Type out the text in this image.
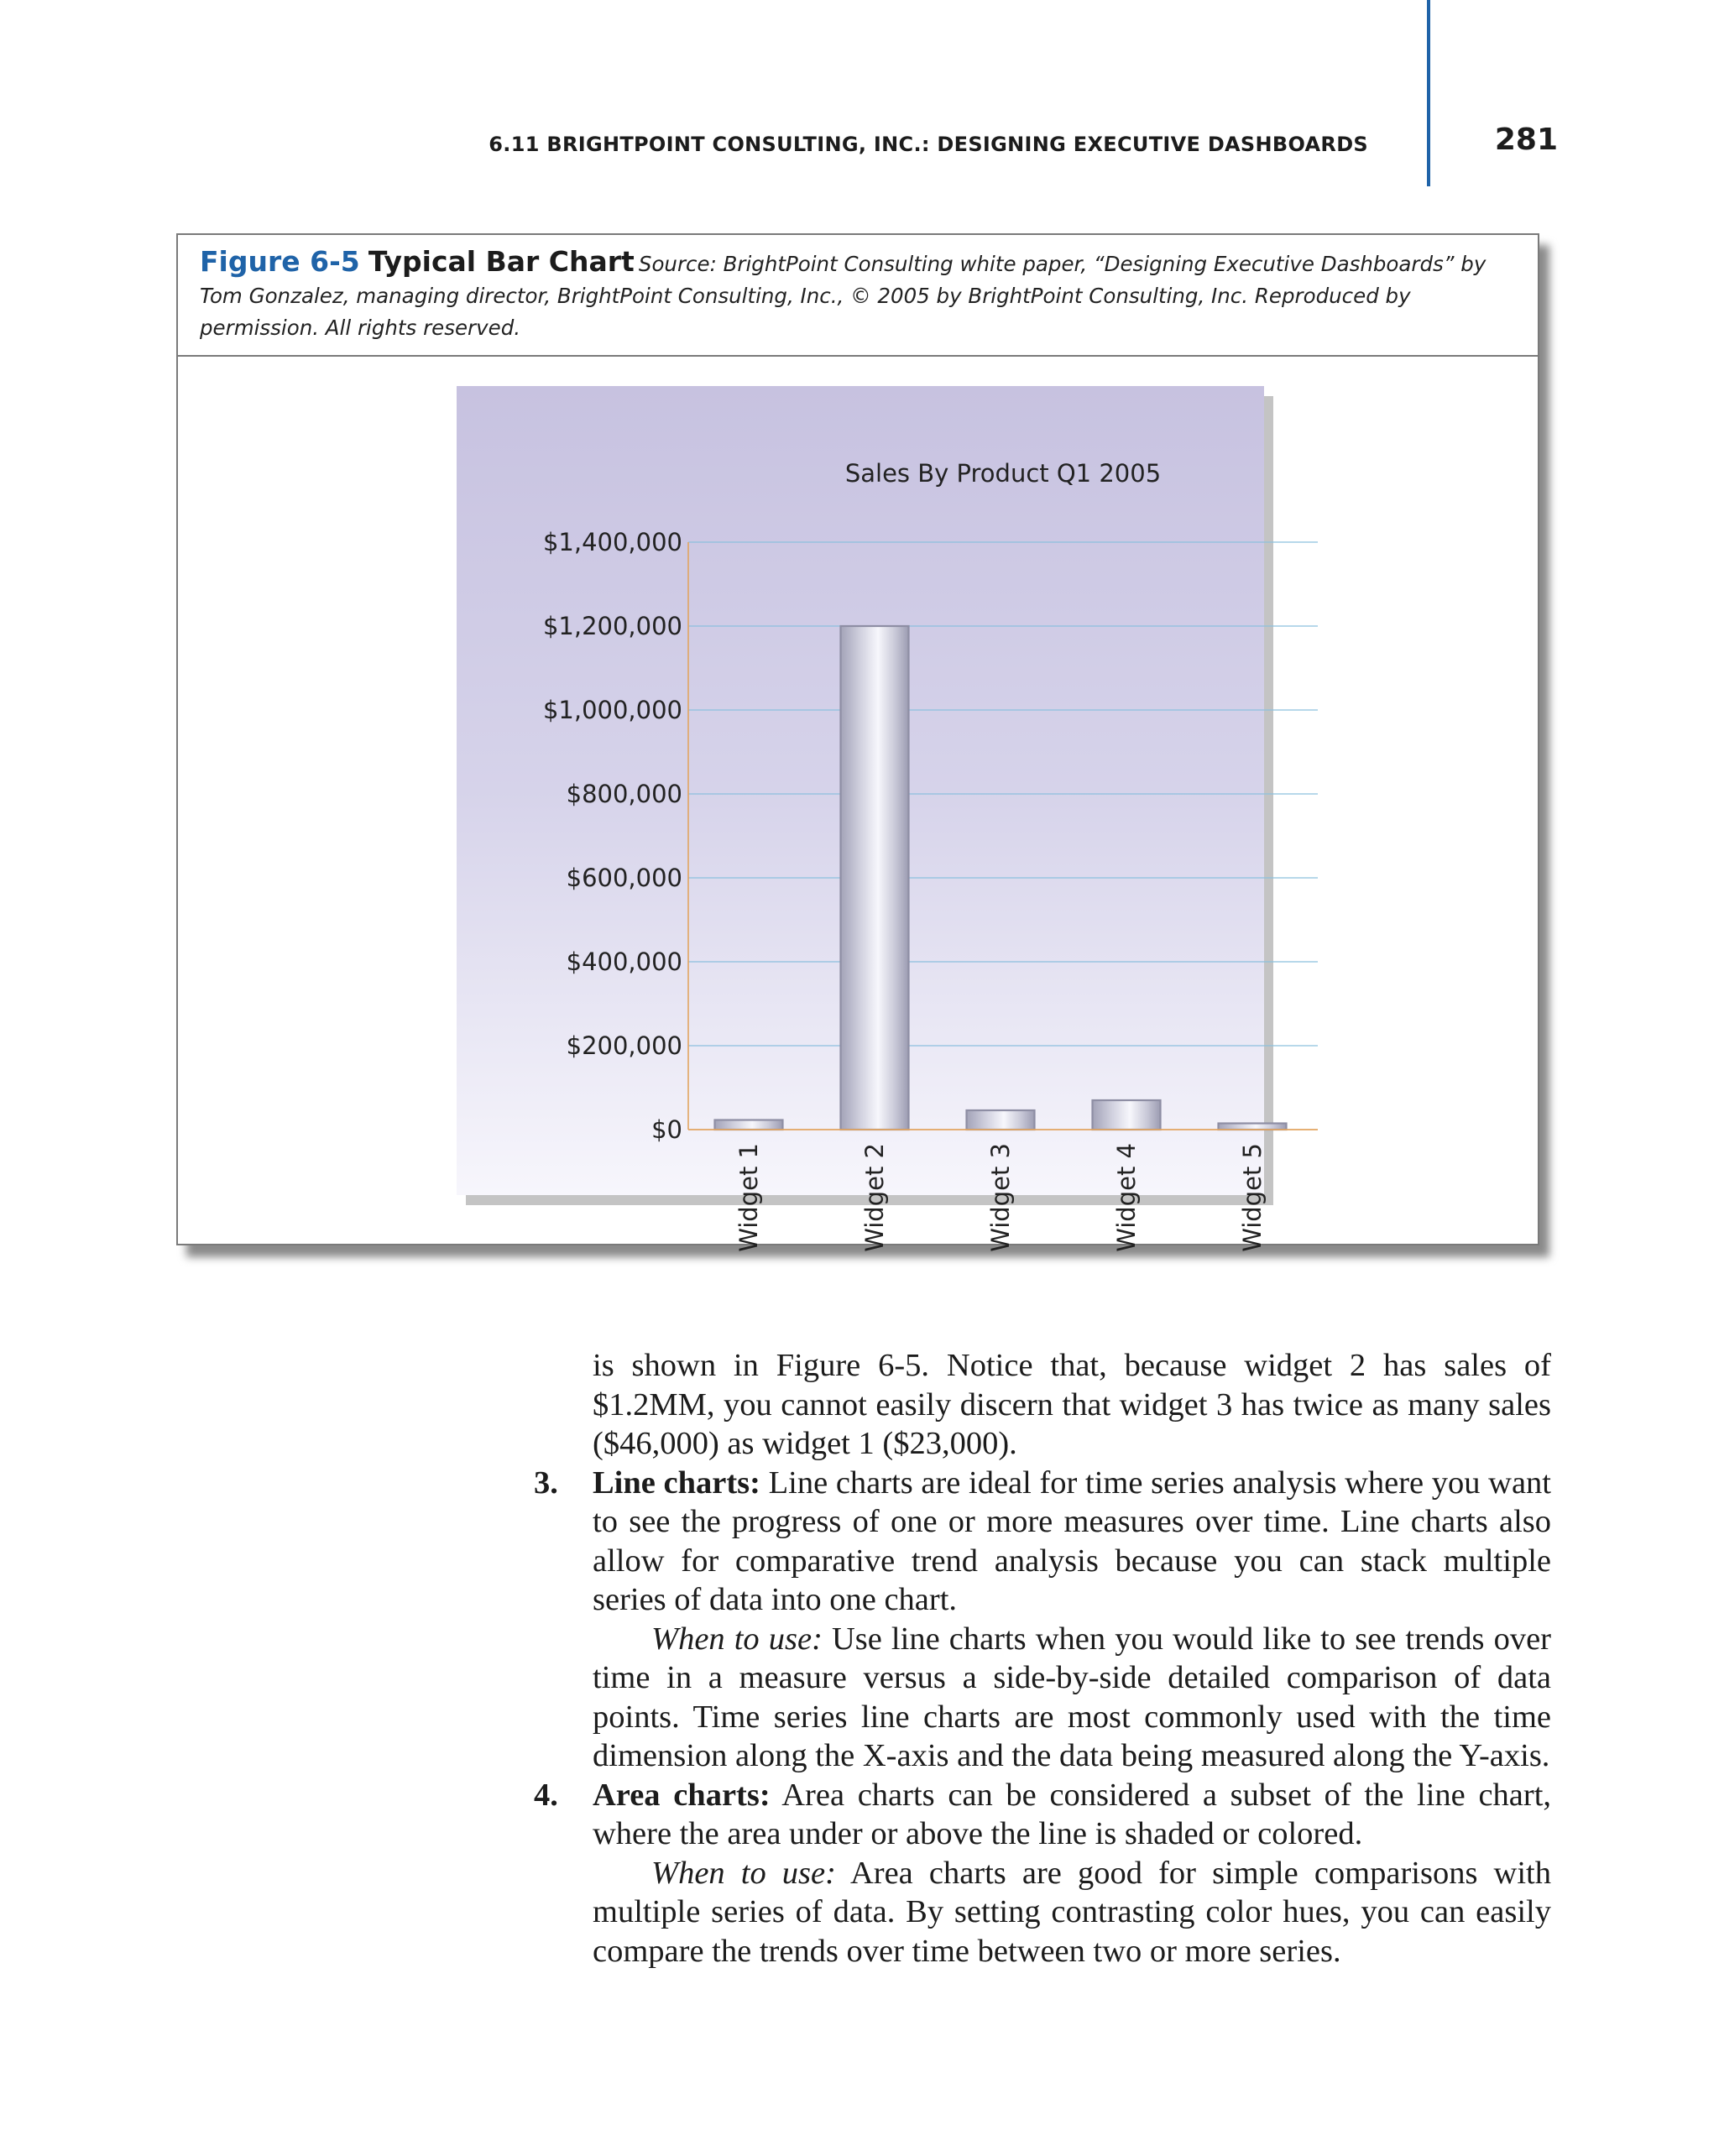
6.11 BRIGHTPOINT CONSULTING, INC.: DESIGNING EXECUTIVE DASHBOARDS	281
Figure 6-5 Typical Bar Chart Source: BrightPoint Consulting white paper, “Designing Executive Dashboards” by Tom Gonzalez, managing director, BrightPoint Consulting, Inc., © 2005 by BrightPoint Consulting, Inc. Reproduced by permission. All rights reserved.
Sales By Product Q1 2005
$0
$200,000
$400,000
$600,000
$800,000
$1,000,000
$1,200,000
$1,400,000
Widget 1	Widget 2	Widget 3	Widget 4	Widget 5

is shown in Figure 6-5. Notice that, because widget 2 has sales of $1.2MM, you cannot easily discern that widget 3 has twice as many sales ($46,000) as widget 1 ($23,000).

3. Line charts: Line charts are ideal for time series analysis where you want to see the progress of one or more measures over time. Line charts also allow for comparative trend analysis because you can stack multiple series of data into one chart.

When to use: Use line charts when you would like to see trends over time in a measure versus a side-by-side detailed comparison of data points. Time series line charts are most commonly used with the time dimension along the X-axis and the data being measured along the Y-axis.

4. Area charts: Area charts can be considered a subset of the line chart, where the area under or above the line is shaded or colored.

When to use: Area charts are good for simple comparisons with multiple series of data. By setting contrasting color hues, you can easily compare the trends over time between two or more series.
